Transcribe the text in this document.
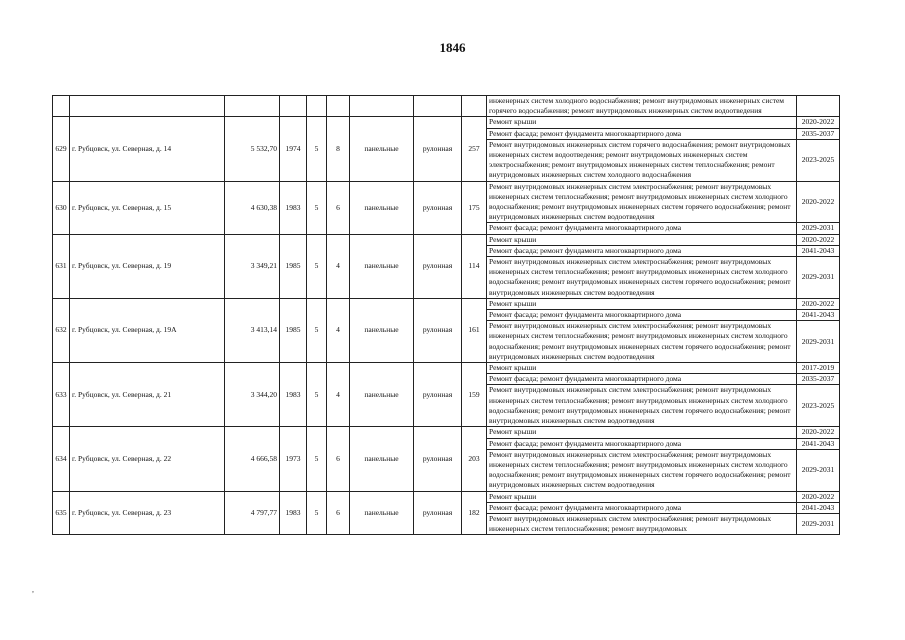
1846
									инженерных систем холодного водоснабжения; ремонт внутридомовых инженерных систем горячего водоснабжения; ремонт внутридомовых инженерных систем водоотведения	
629	г. Рубцовск, ул. Северная, д. 14	5 532,70	1974	5	8	панельные	рулонная	257	Ремонт крыши	2020-2022
									Ремонт фасада; ремонт фундамента многоквартирного дома	2035-2037
									Ремонт внутридомовых инженерных систем горячего водоснабжения; ремонт внутридомовых инженерных систем водоотведения; ремонт внутридомовых инженерных систем электроснабжения; ремонт внутридомовых инженерных систем теплоснабжения; ремонт внутридомовых инженерных систем холодного водоснабжения	2023-2025
630	г. Рубцовск, ул. Северная, д. 15	4 630,38	1983	5	6	панельные	рулонная	175	Ремонт внутридомовых инженерных систем электроснабжения; ремонт внутридомовых инженерных систем теплоснабжения; ремонт внутридомовых инженерных систем холодного водоснабжения; ремонт внутридомовых инженерных систем горячего водоснабжения; ремонт внутридомовых инженерных систем водоотведения	2020-2022
									Ремонт фасада; ремонт фундамента многоквартирного дома	2029-2031
631	г. Рубцовск, ул. Северная, д. 19	3 349,21	1985	5	4	панельные	рулонная	114	Ремонт крыши	2020-2022
									Ремонт фасада; ремонт фундамента многоквартирного дома	2041-2043
									Ремонт внутридомовых инженерных систем электроснабжения; ремонт внутридомовых инженерных систем теплоснабжения; ремонт внутридомовых инженерных систем холодного водоснабжения; ремонт внутридомовых инженерных систем горячего водоснабжения; ремонт внутридомовых инженерных систем водоотведения	2029-2031
632	г. Рубцовск, ул. Северная, д. 19А	3 413,14	1985	5	4	панельные	рулонная	161	Ремонт крыши	2020-2022
									Ремонт фасада; ремонт фундамента многоквартирного дома	2041-2043
									Ремонт внутридомовых инженерных систем электроснабжения; ремонт внутридомовых инженерных систем теплоснабжения; ремонт внутридомовых инженерных систем холодного водоснабжения; ремонт внутридомовых инженерных систем горячего водоснабжения; ремонт внутридомовых инженерных систем водоотведения	2029-2031
633	г. Рубцовск, ул. Северная, д. 21	3 344,20	1983	5	4	панельные	рулонная	159	Ремонт крыши	2017-2019
									Ремонт фасада; ремонт фундамента многоквартирного дома	2035-2037
									Ремонт внутридомовых инженерных систем электроснабжения; ремонт внутридомовых инженерных систем теплоснабжения; ремонт внутридомовых инженерных систем холодного водоснабжения; ремонт внутридомовых инженерных систем горячего водоснабжения; ремонт внутридомовых инженерных систем водоотведения	2023-2025
634	г. Рубцовск, ул. Северная, д. 22	4 666,58	1973	5	6	панельные	рулонная	203	Ремонт крыши	2020-2022
									Ремонт фасада; ремонт фундамента многоквартирного дома	2041-2043
									Ремонт внутридомовых инженерных систем электроснабжения; ремонт внутридомовых инженерных систем теплоснабжения; ремонт внутридомовых инженерных систем холодного водоснабжения; ремонт внутридомовых инженерных систем горячего водоснабжения; ремонт внутридомовых инженерных систем водоотведения	2029-2031
635	г. Рубцовск, ул. Северная, д. 23	4 797,77	1983	5	6	панельные	рулонная	182	Ремонт крыши	2020-2022
									Ремонт фасада; ремонт фундамента многоквартирного дома	2041-2043
									Ремонт внутридомовых инженерных систем электроснабжения; ремонт внутридомовых инженерных систем теплоснабжения; ремонт внутридомовых	2029-2031
,
